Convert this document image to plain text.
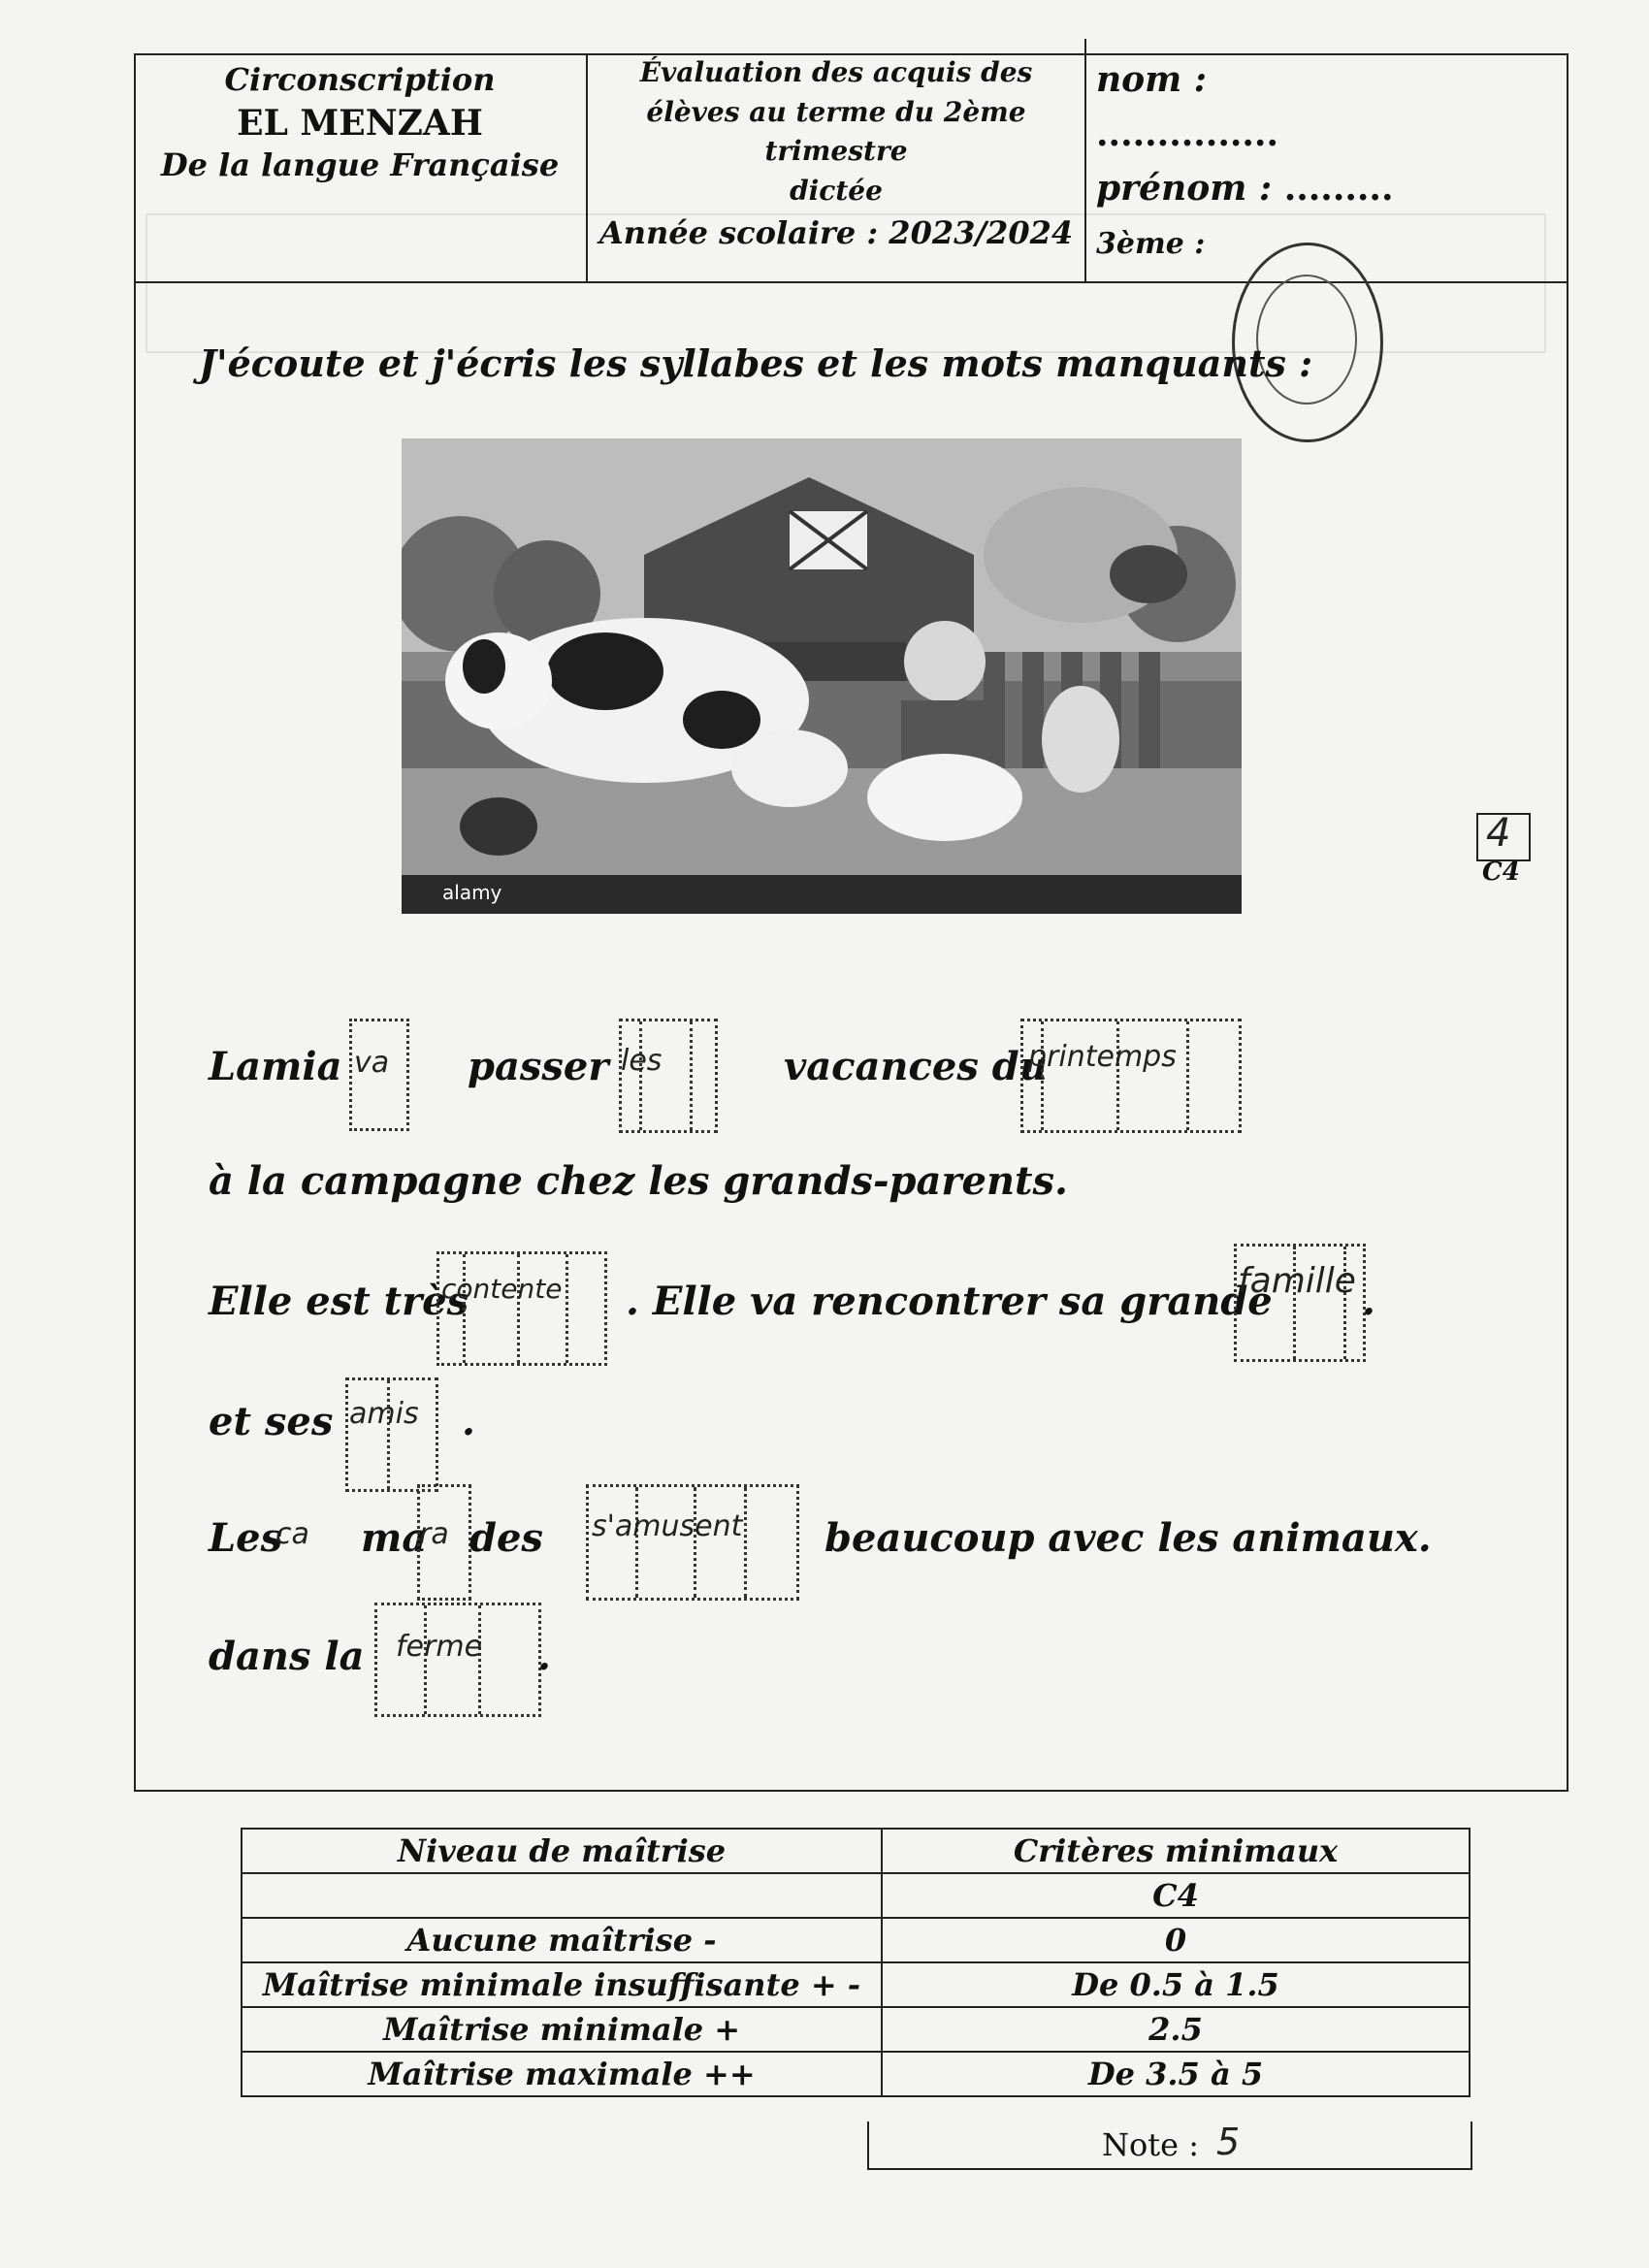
Circonscription
EL MENZAH
De la langue Française
Évaluation des acquis des
élèves au terme du 2ème trimestre
dictée
Année scolaire : 2023/2024
nom :
...............
prénom : .........
3ème :
J'écoute et j'écris les syllabes et les mots manquants :
alamy
4
C4
Lamia va passer les	vacances du
printemps
à la campagne chez les grands-parents.
Elle est très
contente . Elle va rencontrer sa grande
famille .
et ses amis .
Les
ca ma
ra des s'amusent beaucoup avec les animaux.
dans la ferme .
Niveau de maîtrise	Critères minimaux
	C4
Aucune maîtrise -	0
Maîtrise minimale insuffisante + -	De 0.5 à 1.5
Maîtrise minimale +	2.5
Maîtrise maximale ++	De 3.5 à 5
Note : 5
